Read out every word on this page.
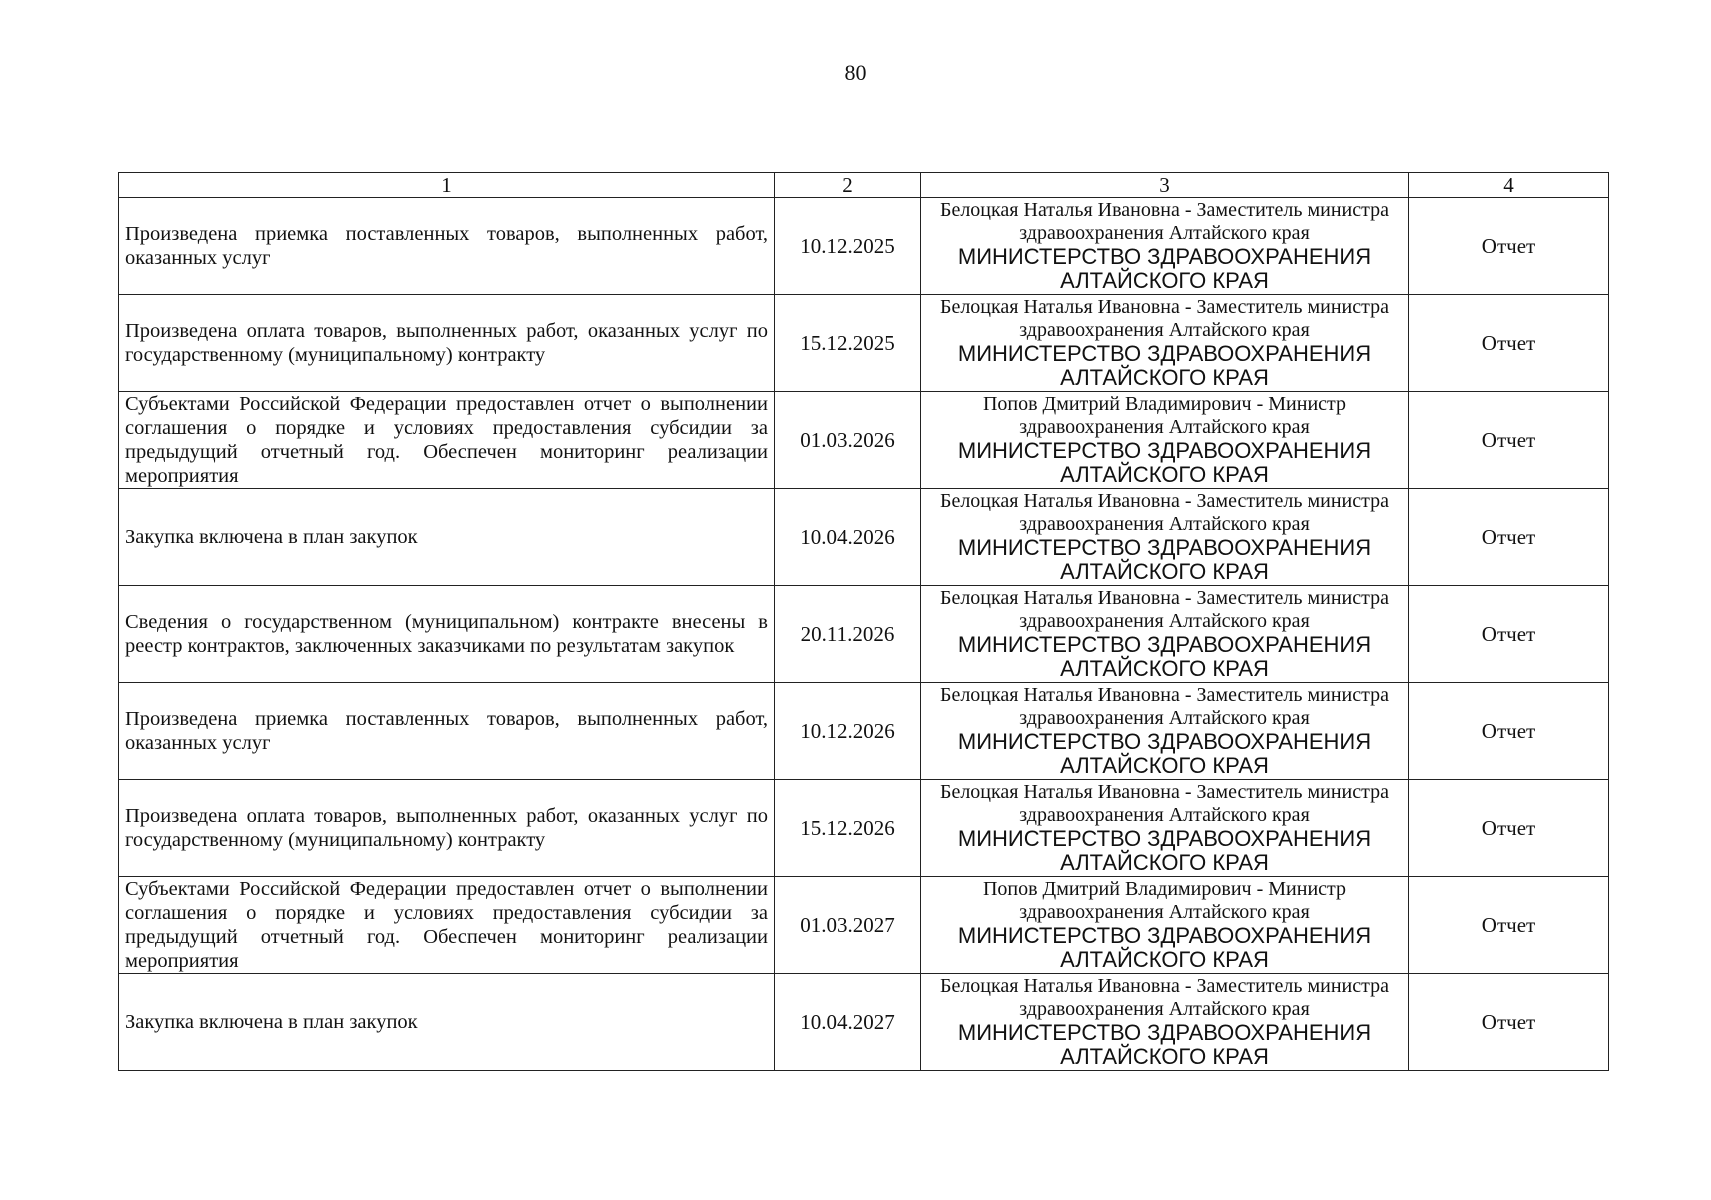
80
1	2	3	4
Произведена приемка поставленных товаров, выполненных работ, оказанных услуг	10.12.2025	Белоцкая Наталья Ивановна - Заместитель министра здравоохранения Алтайского края
МИНИСТЕРСТВО ЗДРАВООХРАНЕНИЯ АЛТАЙСКОГО КРАЯ	Отчет
Произведена оплата товаров, выполненных работ, оказанных услуг по государственному (муниципальному) контракту	15.12.2025	Белоцкая Наталья Ивановна - Заместитель министра здравоохранения Алтайского края
МИНИСТЕРСТВО ЗДРАВООХРАНЕНИЯ АЛТАЙСКОГО КРАЯ	Отчет
Субъектами Российской Федерации предоставлен отчет о выполнении соглашения о порядке и условиях предоставления субсидии за предыдущий отчетный год. Обеспечен мониторинг реализации мероприятия	01.03.2026	Попов Дмитрий Владимирович - Министр здравоохранения Алтайского края
МИНИСТЕРСТВО ЗДРАВООХРАНЕНИЯ АЛТАЙСКОГО КРАЯ	Отчет
Закупка включена в план закупок	10.04.2026	Белоцкая Наталья Ивановна - Заместитель министра здравоохранения Алтайского края
МИНИСТЕРСТВО ЗДРАВООХРАНЕНИЯ АЛТАЙСКОГО КРАЯ	Отчет
Сведения о государственном (муниципальном) контракте внесены в реестр контрактов, заключенных заказчиками по результатам закупок	20.11.2026	Белоцкая Наталья Ивановна - Заместитель министра здравоохранения Алтайского края
МИНИСТЕРСТВО ЗДРАВООХРАНЕНИЯ АЛТАЙСКОГО КРАЯ	Отчет
Произведена приемка поставленных товаров, выполненных работ, оказанных услуг	10.12.2026	Белоцкая Наталья Ивановна - Заместитель министра здравоохранения Алтайского края
МИНИСТЕРСТВО ЗДРАВООХРАНЕНИЯ АЛТАЙСКОГО КРАЯ	Отчет
Произведена оплата товаров, выполненных работ, оказанных услуг по государственному (муниципальному) контракту	15.12.2026	Белоцкая Наталья Ивановна - Заместитель министра здравоохранения Алтайского края
МИНИСТЕРСТВО ЗДРАВООХРАНЕНИЯ АЛТАЙСКОГО КРАЯ	Отчет
Субъектами Российской Федерации предоставлен отчет о выполнении соглашения о порядке и условиях предоставления субсидии за предыдущий отчетный год. Обеспечен мониторинг реализации мероприятия	01.03.2027	Попов Дмитрий Владимирович - Министр здравоохранения Алтайского края
МИНИСТЕРСТВО ЗДРАВООХРАНЕНИЯ АЛТАЙСКОГО КРАЯ	Отчет
Закупка включена в план закупок	10.04.2027	Белоцкая Наталья Ивановна - Заместитель министра здравоохранения Алтайского края
МИНИСТЕРСТВО ЗДРАВООХРАНЕНИЯ АЛТАЙСКОГО КРАЯ	Отчет
